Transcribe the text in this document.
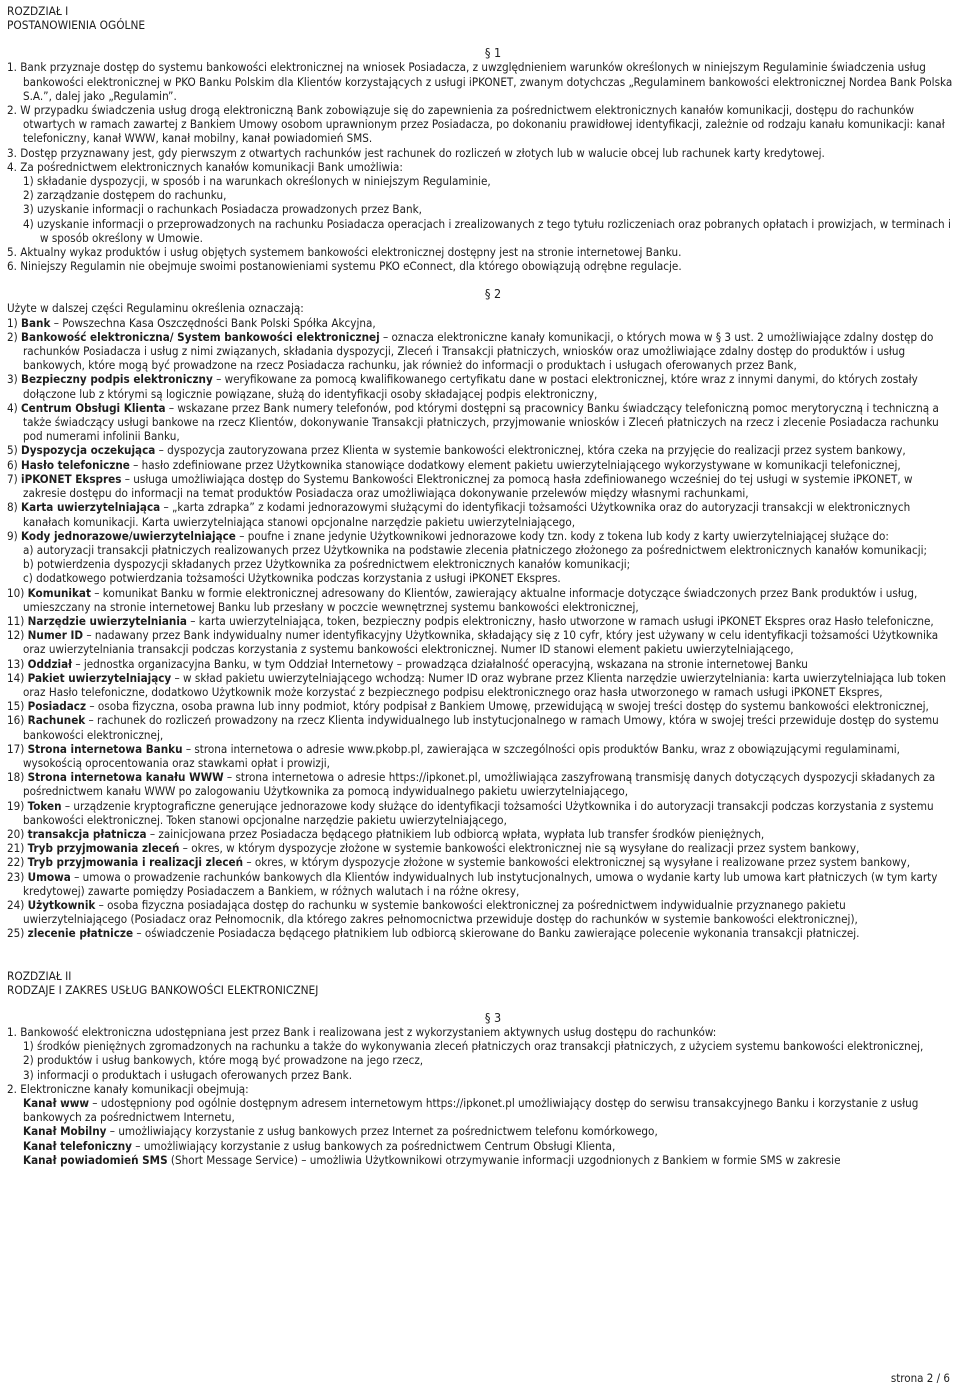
ROZDZIAŁ I
POSTANOWIENIA OGÓLNE
§ 1

1. Bank przyznaje dostęp do systemu bankowości elektronicznej na wniosek Posiadacza, z uwzględnieniem warunków określonych w niniejszym Regulaminie świadczenia usług bankowości elektronicznej w PKO Banku Polskim dla Klientów korzystających z usługi iPKONET, zwanym dotychczas „Regulaminem bankowości elektronicznej Nordea Bank Polska S.A.”, dalej jako „Regulamin”.

2. W przypadku świadczenia usług drogą elektroniczną Bank zobowiązuje się do zapewnienia za pośrednictwem elektronicznych kanałów komunikacji, dostępu do rachunków otwartych w ramach zawartej z Bankiem Umowy osobom uprawnionym przez Posiadacza, po dokonaniu prawidłowej identyfikacji, zależnie od rodzaju kanału komunikacji: kanał telefoniczny, kanał WWW, kanał mobilny, kanał powiadomień SMS.

3. Dostęp przyznawany jest, gdy pierwszym z otwartych rachunków jest rachunek do rozliczeń w złotych lub w walucie obcej lub rachunek karty kredytowej.

4. Za pośrednictwem elektronicznych kanałów komunikacji Bank umożliwia:

1) składanie dyspozycji, w sposób i na warunkach określonych w niniejszym Regulaminie,

2) zarządzanie dostępem do rachunku,

3) uzyskanie informacji o rachunkach Posiadacza prowadzonych przez Bank,

4) uzyskanie informacji o przeprowadzonych na rachunku Posiadacza operacjach i zrealizowanych z tego tytułu rozliczeniach oraz pobranych opłatach i prowizjach, w terminach i w sposób określony w Umowie.

5. Aktualny wykaz produktów i usług objętych systemem bankowości elektronicznej dostępny jest na stronie internetowej Banku.

6. Niniejszy Regulamin nie obejmuje swoimi postanowieniami systemu PKO eConnect, dla którego obowiązują odrębne regulacje.

§ 2

Użyte w dalszej części Regulaminu określenia oznaczają:

1) Bank – Powszechna Kasa Oszczędności Bank Polski Spółka Akcyjna,

2) Bankowość elektroniczna/ System bankowości elektronicznej – oznacza elektroniczne kanały komunikacji, o których mowa w § 3 ust. 2 umożliwiające zdalny dostęp do rachunków Posiadacza i usług z nimi związanych, składania dyspozycji, Zleceń i Transakcji płatniczych, wniosków oraz umożliwiające zdalny dostęp do produktów i usług bankowych, które mogą być prowadzone na rzecz Posiadacza rachunku, jak również do informacji o produktach i usługach oferowanych przez Bank,

3) Bezpieczny podpis elektroniczny – weryfikowane za pomocą kwalifikowanego certyfikatu dane w postaci elektronicznej, które wraz z innymi danymi, do których zostały dołączone lub z którymi są logicznie powiązane, służą do identyfikacji osoby składającej podpis elektroniczny,

4) Centrum Obsługi Klienta – wskazane przez Bank numery telefonów, pod którymi dostępni są pracownicy Banku świadczący telefoniczną pomoc merytoryczną i techniczną a także świadczący usługi bankowe na rzecz Klientów, dokonywanie Transakcji płatniczych, przyjmowanie wniosków i Zleceń płatniczych na rzecz i zlecenie Posiadacza rachunku pod numerami infolinii Banku,

5) Dyspozycja oczekująca – dyspozycja zautoryzowana przez Klienta w systemie bankowości elektronicznej, która czeka na przyjęcie do realizacji przez system bankowy,

6) Hasło telefoniczne – hasło zdefiniowane przez Użytkownika stanowiące dodatkowy element pakietu uwierzytelniającego wykorzystywane w komunikacji telefonicznej,

7) iPKONET Ekspres – usługa umożliwiająca dostęp do Systemu Bankowości Elektronicznej za pomocą hasła zdefiniowanego wcześniej do tej usługi w systemie iPKONET, w zakresie dostępu do informacji na temat produktów Posiadacza oraz umożliwiająca dokonywanie przelewów między własnymi rachunkami,

8) Karta uwierzytelniająca – „karta zdrapka” z kodami jednorazowymi służącymi do identyfikacji tożsamości Użytkownika oraz do autoryzacji transakcji w elektronicznych kanałach komunikacji. Karta uwierzytelniająca stanowi opcjonalne narzędzie pakietu uwierzytelniającego,

9) Kody jednorazowe/uwierzytelniające – poufne i znane jedynie Użytkownikowi jednorazowe kody tzn. kody z tokena lub kody z karty uwierzytelniającej służące do:

a) autoryzacji transakcji płatniczych realizowanych przez Użytkownika na podstawie zlecenia płatniczego złożonego za pośrednictwem elektronicznych kanałów komunikacji;

b) potwierdzenia dyspozycji składanych przez Użytkownika za pośrednictwem elektronicznych kanałów komunikacji;

c) dodatkowego potwierdzania tożsamości Użytkownika podczas korzystania z usługi iPKONET Ekspres.

10) Komunikat – komunikat Banku w formie elektronicznej adresowany do Klientów, zawierający aktualne informacje dotyczące świadczonych przez Bank produktów i usług, umieszczany na stronie internetowej Banku lub przesłany w poczcie wewnętrznej systemu bankowości elektronicznej,

11) Narzędzie uwierzytelniania – karta uwierzytelniająca, token, bezpieczny podpis elektroniczny, hasło utworzone w ramach usługi iPKONET Ekspres oraz Hasło telefoniczne,

12) Numer ID – nadawany przez Bank indywidualny numer identyfikacyjny Użytkownika, składający się z 10 cyfr, który jest używany w celu identyfikacji tożsamości Użytkownika oraz uwierzytelniania transakcji podczas korzystania z systemu bankowości elektronicznej. Numer ID stanowi element pakietu uwierzytelniającego,

13) Oddział – jednostka organizacyjna Banku, w tym Oddział Internetowy – prowadząca działalność operacyjną, wskazana na stronie internetowej Banku

14) Pakiet uwierzytelniający – w skład pakietu uwierzytelniającego wchodzą: Numer ID oraz wybrane przez Klienta narzędzie uwierzytelniania: karta uwierzytelniająca lub token oraz Hasło telefoniczne, dodatkowo Użytkownik może korzystać z bezpiecznego podpisu elektronicznego oraz hasła utworzonego w ramach usługi iPKONET Ekspres,

15) Posiadacz – osoba fizyczna, osoba prawna lub inny podmiot, który podpisał z Bankiem Umowę, przewidującą w swojej treści dostęp do systemu bankowości elektronicznej,

16) Rachunek – rachunek do rozliczeń prowadzony na rzecz Klienta indywidualnego lub instytucjonalnego w ramach Umowy, która w swojej treści przewiduje dostęp do systemu bankowości elektronicznej,

17) Strona internetowa Banku – strona internetowa o adresie www.pkobp.pl, zawierająca w szczególności opis produktów Banku, wraz z obowiązującymi regulaminami, wysokością oprocentowania oraz stawkami opłat i prowizji,

18) Strona internetowa kanału WWW – strona internetowa o adresie https://ipkonet.pl, umożliwiająca zaszyfrowaną transmisję danych dotyczących dyspozycji składanych za pośrednictwem kanału WWW po zalogowaniu Użytkownika za pomocą indywidualnego pakietu uwierzytelniającego,

19) Token – urządzenie kryptograficzne generujące jednorazowe kody służące do identyfikacji tożsamości Użytkownika i do autoryzacji transakcji podczas korzystania z systemu bankowości elektronicznej. Token stanowi opcjonalne narzędzie pakietu uwierzytelniającego,

20) transakcja płatnicza – zainicjowana przez Posiadacza będącego płatnikiem lub odbiorcą wpłata, wypłata lub transfer środków pieniężnych,

21) Tryb przyjmowania zleceń – okres, w którym dyspozycje złożone w systemie bankowości elektronicznej nie są wysyłane do realizacji przez system bankowy,

22) Tryb przyjmowania i realizacji zleceń – okres, w którym dyspozycje złożone w systemie bankowości elektronicznej są wysyłane i realizowane przez system bankowy,

23) Umowa – umowa o prowadzenie rachunków bankowych dla Klientów indywidualnych lub instytucjonalnych, umowa o wydanie karty lub umowa kart płatniczych (w tym karty kredytowej) zawarte pomiędzy Posiadaczem a Bankiem, w różnych walutach i na różne okresy,

24) Użytkownik – osoba fizyczna posiadająca dostęp do rachunku w systemie bankowości elektronicznej za pośrednictwem indywidualnie przyznanego pakietu uwierzytelniającego (Posiadacz oraz Pełnomocnik, dla którego zakres pełnomocnictwa przewiduje dostęp do rachunków w systemie bankowości elektronicznej),

25) zlecenie płatnicze – oświadczenie Posiadacza będącego płatnikiem lub odbiorcą skierowane do Banku zawierające polecenie wykonania transakcji płatniczej.

ROZDZIAŁ II
RODZAJE I ZAKRES USŁUG BANKOWOŚCI ELEKTRONICZNEJ
§ 3

1. Bankowość elektroniczna udostępniana jest przez Bank i realizowana jest z wykorzystaniem aktywnych usług dostępu do rachunków:

1) środków pieniężnych zgromadzonych na rachunku a także do wykonywania zleceń płatniczych oraz transakcji płatniczych, z użyciem systemu bankowości elektronicznej,

2) produktów i usług bankowych, które mogą być prowadzone na jego rzecz,

3) informacji o produktach i usługach oferowanych przez Bank.

2. Elektroniczne kanały komunikacji obejmują:

Kanał www – udostępniony pod ogólnie dostępnym adresem internetowym https://ipkonet.pl umożliwiający dostęp do serwisu transakcyjnego Banku i korzystanie z usług bankowych za pośrednictwem Internetu,

Kanał Mobilny – umożliwiający korzystanie z usług bankowych przez Internet za pośrednictwem telefonu komórkowego,

Kanał telefoniczny – umożliwiający korzystanie z usług bankowych za pośrednictwem Centrum Obsługi Klienta,

Kanał powiadomień SMS (Short Message Service) – umożliwia Użytkownikowi otrzymywanie informacji uzgodnionych z Bankiem w formie SMS w zakresie

strona 2 / 6
